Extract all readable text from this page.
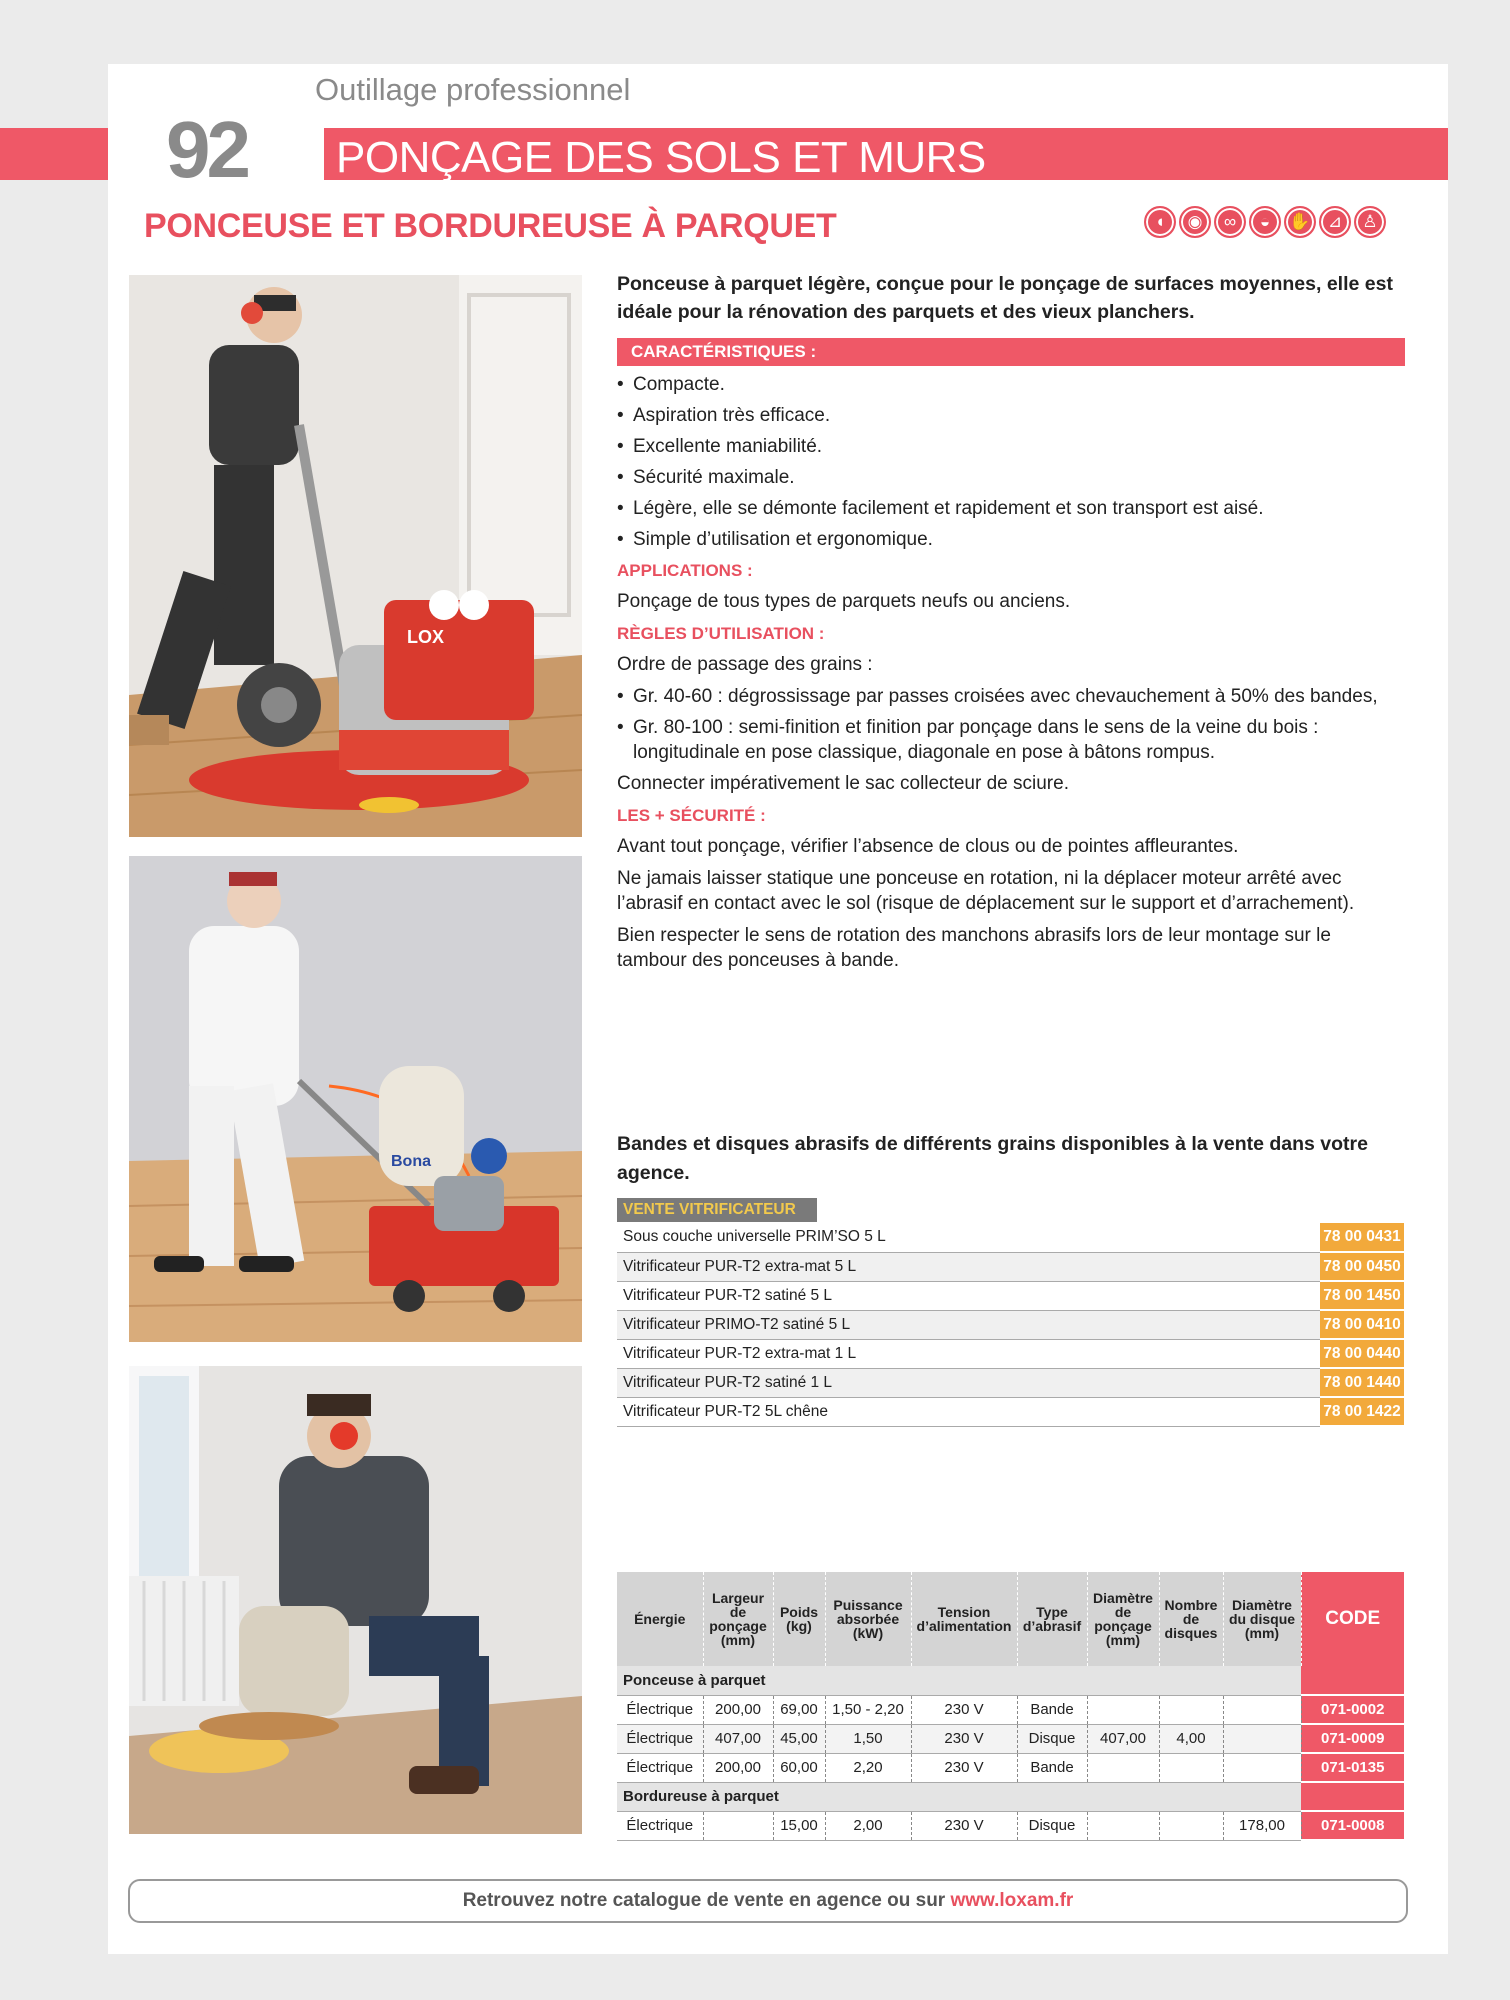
Outillage professionnel
92 PONÇAGE DES SOLS ET MURS
PONCEUSE ET BORDUREUSE À PARQUET	◖	◉	∞	◒	✋	⊿	♙
LOX
Bona

Ponceuse à parquet légère, conçue pour le ponçage de surfaces moyennes, elle est idéale pour la rénovation des parquets et des vieux planchers.

CARACTÉRISTIQUES :
• Compacte.
• Aspiration très efficace.
• Excellente maniabilité.
• Sécurité maximale.
• Légère, elle se démonte facilement et rapidement et son transport est aisé.
• Simple d’utilisation et ergonomique.
APPLICATIONS :

Ponçage de tous types de parquets neufs ou anciens.

RÈGLES D’UTILISATION :

Ordre de passage des grains :

• Gr. 40-60 : dégrossissage par passes croisées avec chevauchement à 50% des bandes,
• Gr. 80-100 : semi-finition et finition par ponçage dans le sens de la veine du bois : longitudinale en pose classique, diagonale en pose à bâtons rompus.

Connecter impérativement le sac collecteur de sciure.

LES + SÉCURITÉ :

Avant tout ponçage, vérifier l’absence de clous ou de pointes affleurantes.

Ne jamais laisser statique une ponceuse en rotation, ni la déplacer moteur arrêté avec l’abrasif en contact avec le sol (risque de déplacement sur le support et d’arrachement).

Bien respecter le sens de rotation des manchons abrasifs lors de leur montage sur le tambour des ponceuses à bande.

Bandes et disques abrasifs de différents grains disponibles à la vente dans votre agence.

VENTE VITRIFICATEUR
Sous couche universelle PRIM’SO 5 L	78 00 0431
Vitrificateur PUR-T2 extra-mat 5 L	78 00 0450
Vitrificateur PUR-T2 satiné 5 L	78 00 1450
Vitrificateur PRIMO-T2 satiné 5 L	78 00 0410
Vitrificateur PUR-T2 extra-mat 1 L	78 00 0440
Vitrificateur PUR-T2 satiné 1 L	78 00 1440
Vitrificateur PUR-T2 5L chêne	78 00 1422
Énergie	Largeur de ponçage (mm)	Poids (kg)	Puissance absorbée (kW)	Tension d’alimentation	Type d’abrasif	Diamètre de ponçage (mm)	Nombre de disques	Diamètre du disque (mm)	CODE
Ponceuse à parquet									
Électrique	200,00	69,00	1,50 - 2,20	230 V	Bande				071-0002
Électrique	407,00	45,00	1,50	230 V	Disque	407,00	4,00		071-0009
Électrique	200,00	60,00	2,20	230 V	Bande				071-0135
Bordureuse à parquet									
Électrique		15,00	2,00	230 V	Disque			178,00	071-0008
Retrouvez notre catalogue de vente en agence ou sur www.loxam.fr
